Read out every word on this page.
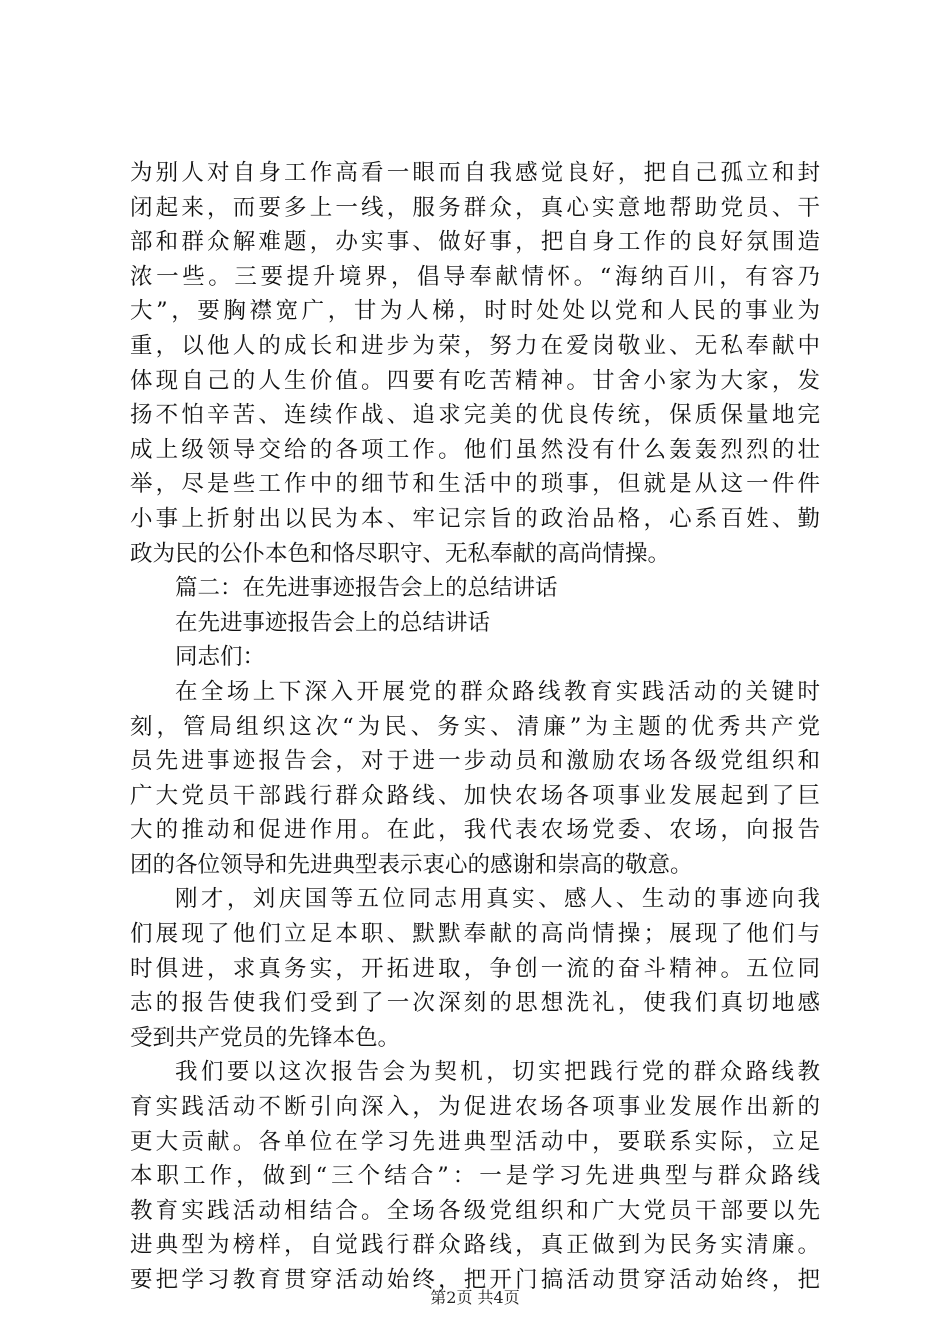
为别人对自身工作高看一眼而自我感觉良好，把自己孤立和封
闭起来，而要多上一线，服务群众，真心实意地帮助党员、干
部和群众解难题，办实事、做好事，把自身工作的良好氛围造
浓一些。三要提升境界，倡导奉献情怀。“海纳百川，有容乃
大”，要胸襟宽广，甘为人梯，时时处处以党和人民的事业为
重，以他人的成长和进步为荣，努力在爱岗敬业、无私奉献中
体现自己的人生价值。四要有吃苦精神。甘舍小家为大家，发
扬不怕辛苦、连续作战、追求完美的优良传统，保质保量地完
成上级领导交给的各项工作。他们虽然没有什么轰轰烈烈的壮
举，尽是些工作中的细节和生活中的琐事，但就是从这一件件
小事上折射出以民为本、牢记宗旨的政治品格，心系百姓、勤
政为民的公仆本色和恪尽职守、无私奉献的高尚情操。
篇二：在先进事迹报告会上的总结讲话
在先进事迹报告会上的总结讲话
同志们：
在全场上下深入开展党的群众路线教育实践活动的关键时
刻，管局组织这次“为民、务实、清廉”为主题的优秀共产党
员先进事迹报告会，对于进一步动员和激励农场各级党组织和
广大党员干部践行群众路线、加快农场各项事业发展起到了巨
大的推动和促进作用。在此，我代表农场党委、农场，向报告
团的各位领导和先进典型表示衷心的感谢和崇高的敬意。
刚才，刘庆国等五位同志用真实、感人、生动的事迹向我
们展现了他们立足本职、默默奉献的高尚情操；展现了他们与
时俱进，求真务实，开拓进取，争创一流的奋斗精神。五位同
志的报告使我们受到了一次深刻的思想洗礼，使我们真切地感
受到共产党员的先锋本色。
我们要以这次报告会为契机，切实把践行党的群众路线教
育实践活动不断引向深入，为促进农场各项事业发展作出新的
更大贡献。各单位在学习先进典型活动中，要联系实际，立足
本职工作，做到“三个结合”：一是学习先进典型与群众路线
教育实践活动相结合。全场各级党组织和广大党员干部要以先
进典型为榜样，自觉践行群众路线，真正做到为民务实清廉。
要把学习教育贯穿活动始终，把开门搞活动贯穿活动始终，把
第2页 共4页
